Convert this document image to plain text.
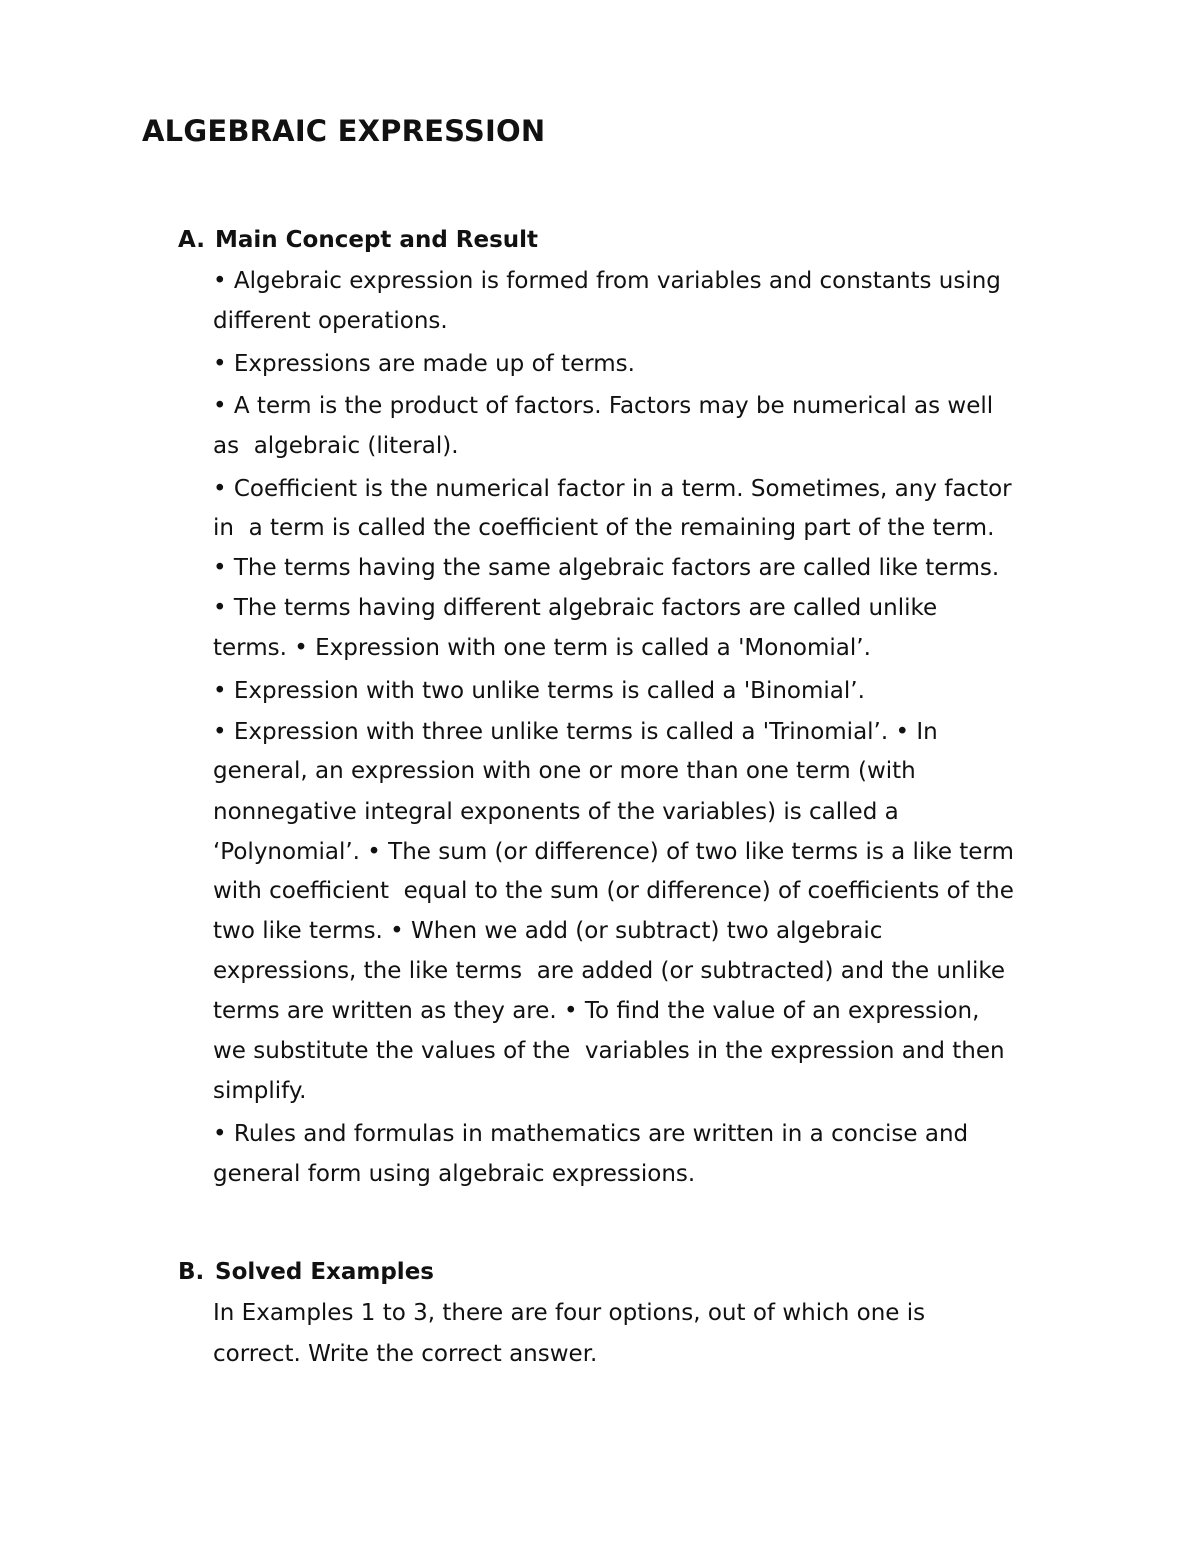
ALGEBRAIC EXPRESSION
A. Main Concept and Result

• Algebraic expression is formed from variables and constants using

different operations.

• Expressions are made up of terms.

• A term is the product of factors. Factors may be numerical as well

as  algebraic (literal).

• Coefficient is the numerical factor in a term. Sometimes, any factor

in  a term is called the coefficient of the remaining part of the term.

• The terms having the same algebraic factors are called like terms.

• The terms having different algebraic factors are called unlike

terms. • Expression with one term is called a 'Monomial’.

• Expression with two unlike terms is called a 'Binomial’.

• Expression with three unlike terms is called a 'Trinomial’. • In

general, an expression with one or more than one term (with

nonnegative integral exponents of the variables) is called a

‘Polynomial’. • The sum (or difference) of two like terms is a like term

with coefficient  equal to the sum (or difference) of coefficients of the

two like terms. • When we add (or subtract) two algebraic

expressions, the like terms  are added (or subtracted) and the unlike

terms are written as they are. • To find the value of an expression,

we substitute the values of the  variables in the expression and then

simplify.

• Rules and formulas in mathematics are written in a concise and

general form using algebraic expressions.

B. Solved Examples

In Examples 1 to 3, there are four options, out of which one is

correct. Write the correct answer.
